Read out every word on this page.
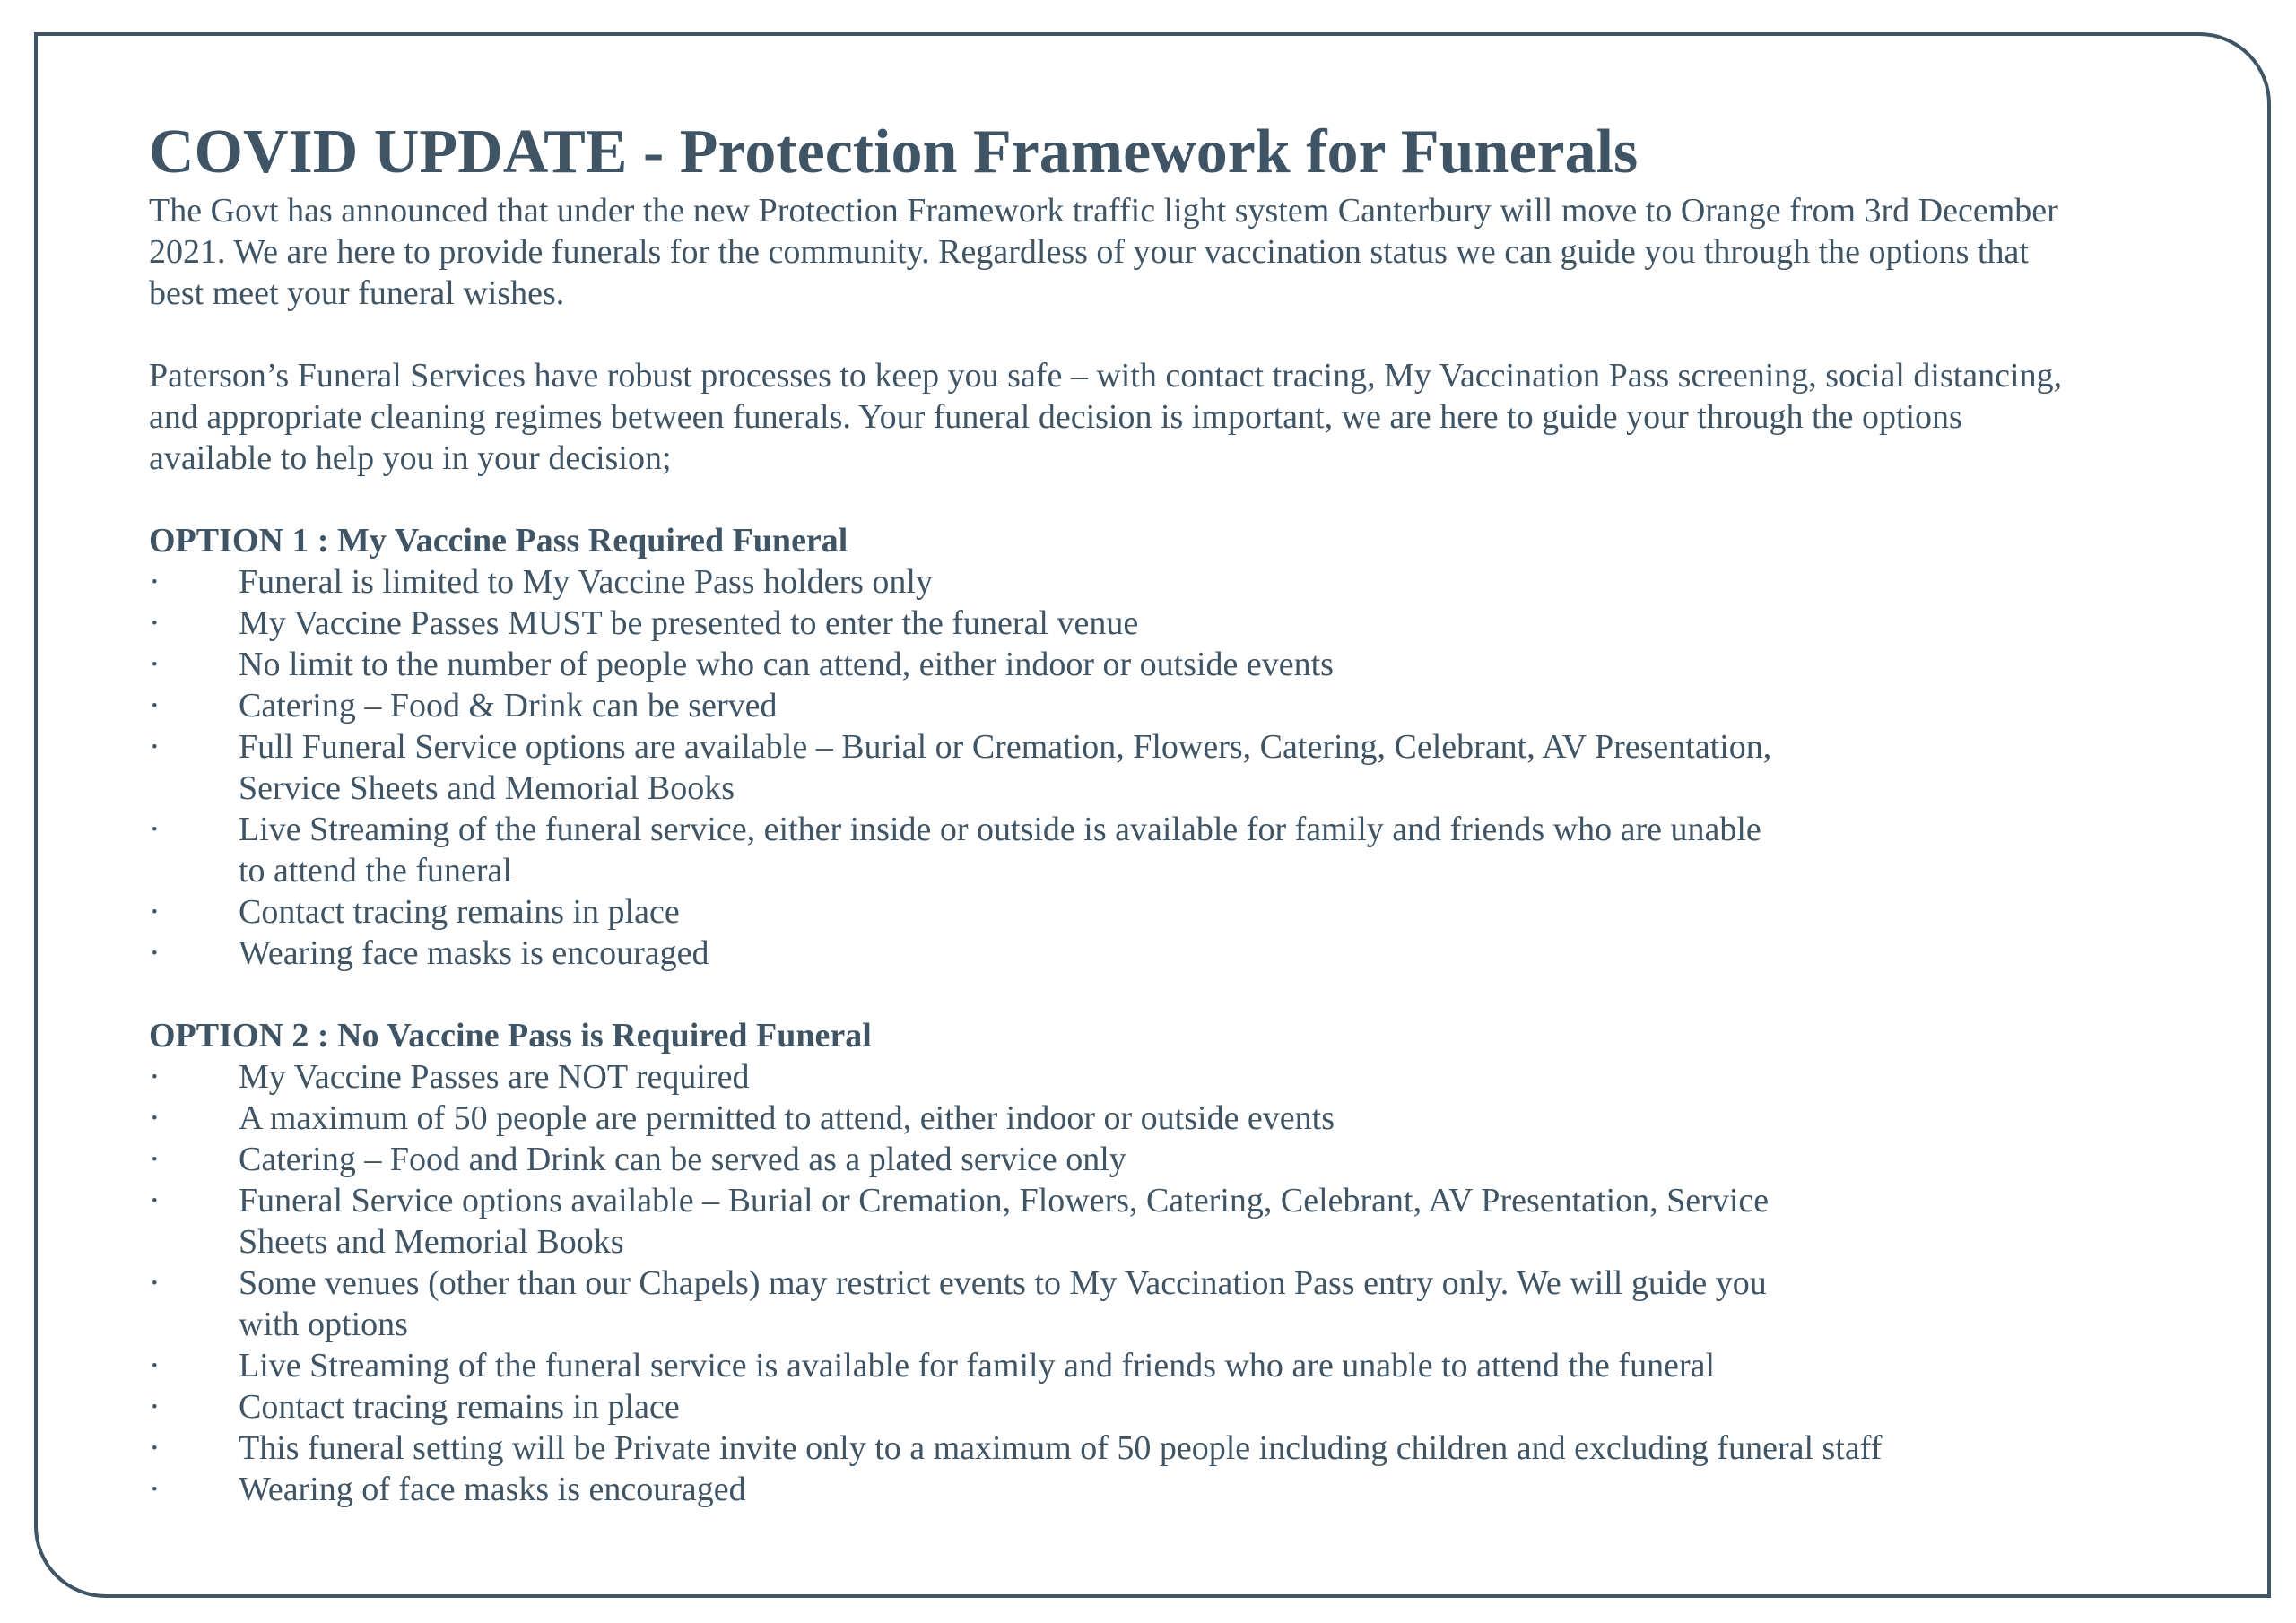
COVID UPDATE - Protection Framework for Funerals

The Govt has announced that under the new Protection Framework traffic light system Canterbury will move to Orange from 3rd December
2021. We are here to provide funerals for the community. Regardless of your vaccination status we can guide you through the options that
best meet your funeral wishes.

Paterson’s Funeral Services have robust processes to keep you safe – with contact tracing, My Vaccination Pass screening, social distancing,
and appropriate cleaning regimes between funerals. Your funeral decision is important, we are here to guide your through the options
available to help you in your decision;

OPTION 1 : My Vaccine Pass Required Funeral

· Funeral is limited to My Vaccine Pass holders only
· My Vaccine Passes MUST be presented to enter the funeral venue
· No limit to the number of people who can attend, either indoor or outside events
· Catering – Food & Drink can be served
· Full Funeral Service options are available – Burial or Cremation, Flowers, Catering, Celebrant, AV Presentation,
Service Sheets and Memorial Books
· Live Streaming of the funeral service, either inside or outside is available for family and friends who are unable
to attend the funeral
· Contact tracing remains in place
· Wearing face masks is encouraged

OPTION 2 : No Vaccine Pass is Required Funeral

· My Vaccine Passes are NOT required
· A maximum of 50 people are permitted to attend, either indoor or outside events
· Catering – Food and Drink can be served as a plated service only
· Funeral Service options available – Burial or Cremation, Flowers, Catering, Celebrant, AV Presentation, Service
Sheets and Memorial Books
· Some venues (other than our Chapels) may restrict events to My Vaccination Pass entry only. We will guide you
with options
· Live Streaming of the funeral service is available for family and friends who are unable to attend the funeral
· Contact tracing remains in place
· This funeral setting will be Private invite only to a maximum of 50 people including children and excluding funeral staff
· Wearing of face masks is encouraged
